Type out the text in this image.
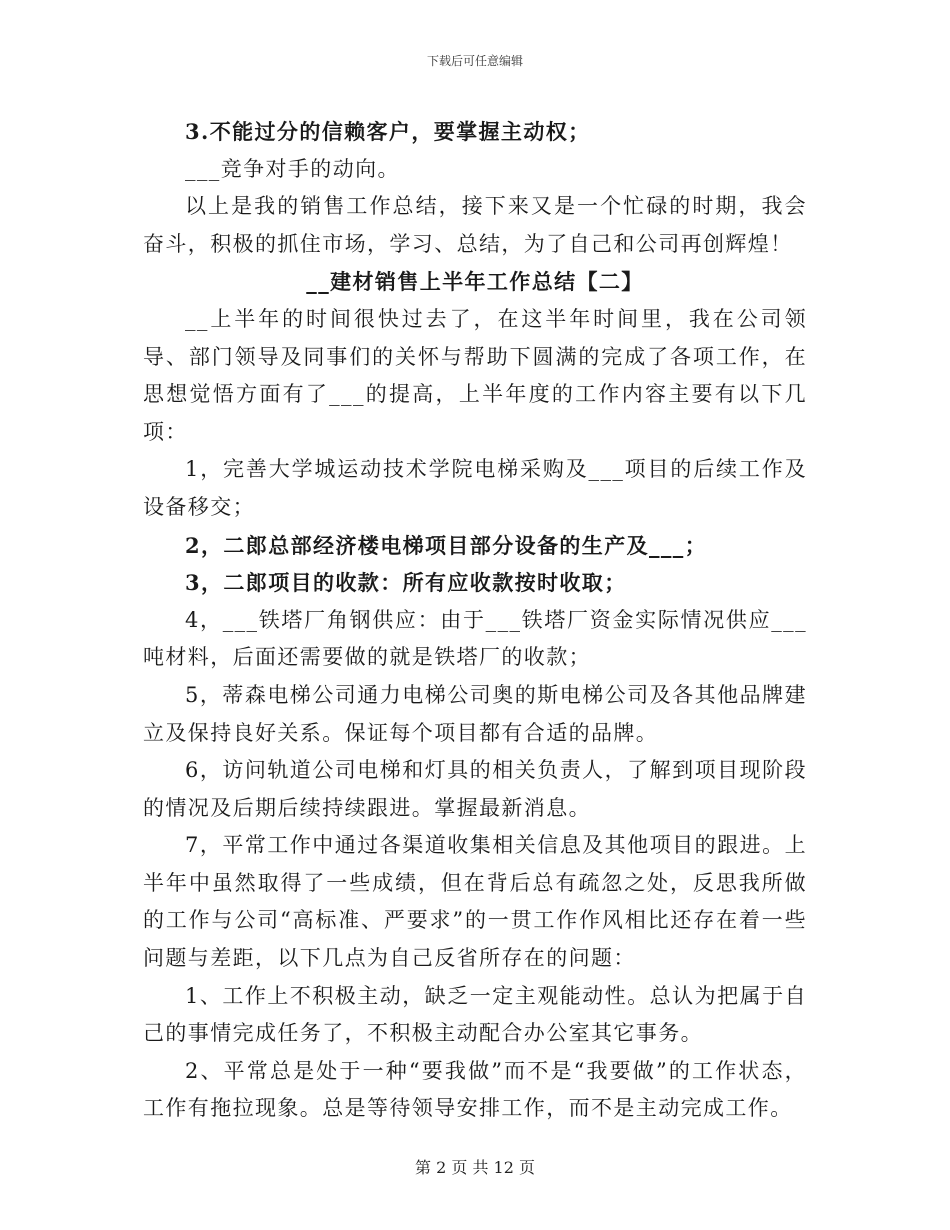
下载后可任意编辑

3.不能过分的信赖客户，要掌握主动权；

___竞争对手的动向。

以上是我的销售工作总结，接下来又是一个忙碌的时期，我会奋斗，积极的抓住市场，学习、总结，为了自己和公司再创辉煌！

__建材销售上半年工作总结【二】

__上半年的时间很快过去了，在这半年时间里，我在公司领导、部门领导及同事们的关怀与帮助下圆满的完成了各项工作，在思想觉悟方面有了___的提高，上半年度的工作内容主要有以下几项：

1，完善大学城运动技术学院电梯采购及___项目的后续工作及设备移交；

2，二郎总部经济楼电梯项目部分设备的生产及___；

3，二郎项目的收款：所有应收款按时收取；

4，___铁塔厂角钢供应：由于___铁塔厂资金实际情况供应___吨材料，后面还需要做的就是铁塔厂的收款；

5，蒂森电梯公司通力电梯公司奥的斯电梯公司及各其他品牌建立及保持良好关系。保证每个项目都有合适的品牌。

6，访问轨道公司电梯和灯具的相关负责人，了解到项目现阶段的情况及后期后续持续跟进。掌握最新消息。

7，平常工作中通过各渠道收集相关信息及其他项目的跟进。上半年中虽然取得了一些成绩，但在背后总有疏忽之处，反思我所做的工作与公司“高标准、严要求”的一贯工作作风相比还存在着一些问题与差距，以下几点为自己反省所存在的问题：

1、工作上不积极主动，缺乏一定主观能动性。总认为把属于自己的事情完成任务了，不积极主动配合办公室其它事务。

2、平常总是处于一种“要我做”而不是“我要做”的工作状态，工作有拖拉现象。总是等待领导安排工作，而不是主动完成工作。

第 2 页 共 12 页
